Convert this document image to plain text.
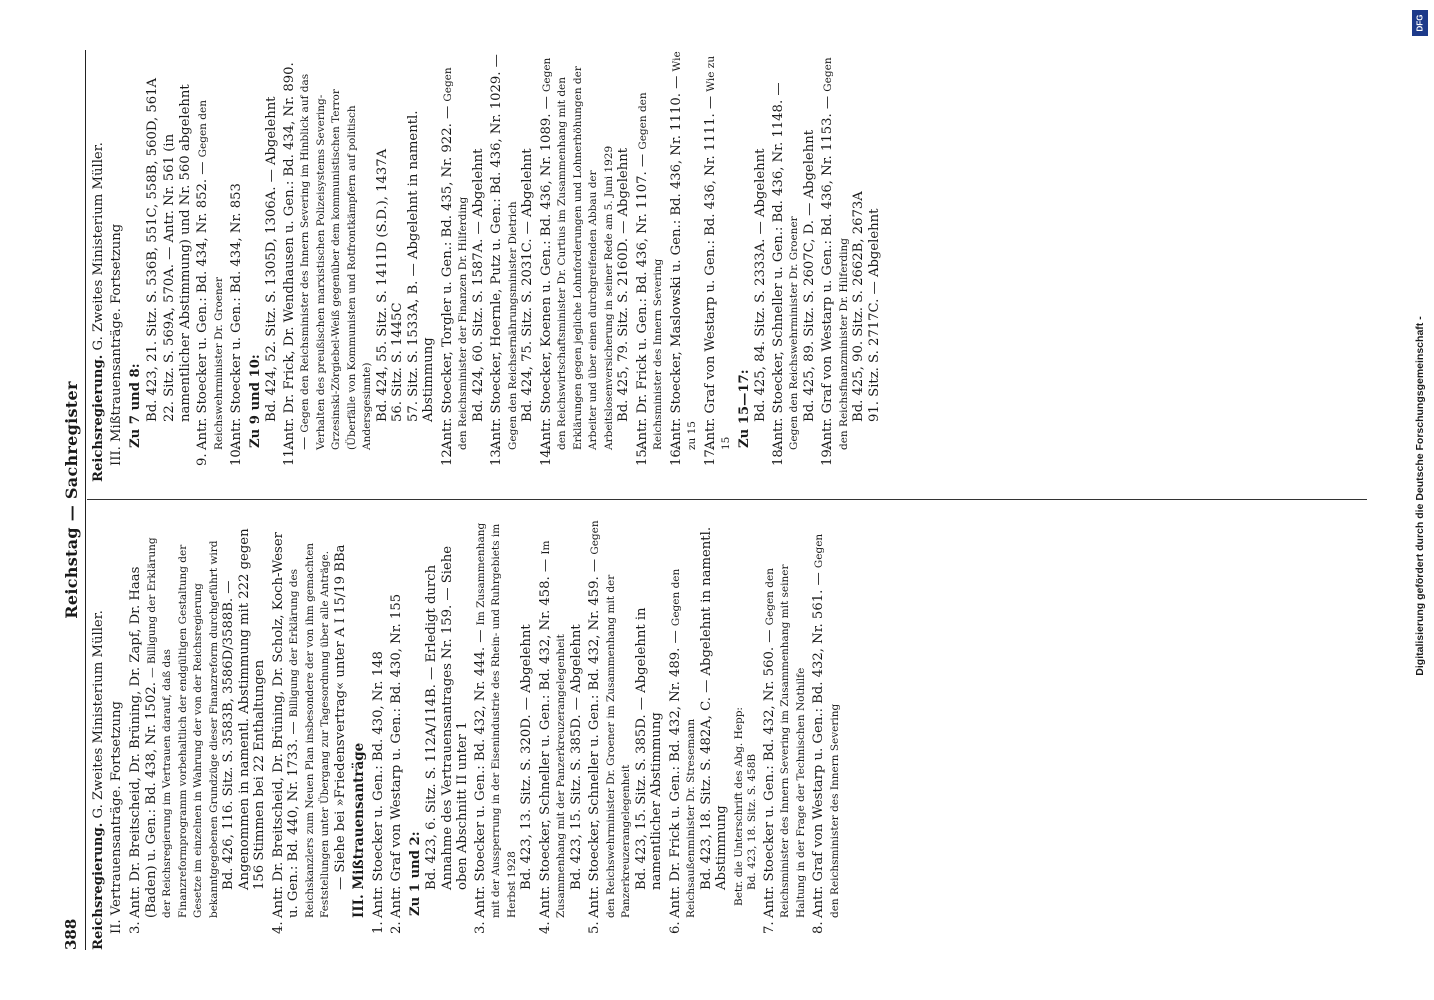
388
Reichstag — Sachregister
Reichsregierung. G. Zweites Ministerium Müller. II. Vertrauensanträge. Fortsetzung 3.
Antr. Dr. Breitscheid, Dr. Brüning, Dr. Zapf, Dr. Haas (Baden) u. Gen.: Bd. 438, Nr. 1502. — Billigung der Erklärung der Reichsregierung im Vertrauen darauf, daß das Finanzreformprogramm vorbehaltlich der endgültigen Gestaltung der Gesetze im einzelnen in Wahrung der von der Reichsregierung bekanntgegebenen Grundzüge dieser Finanzreform durchgeführt wird Bd. 426, 116. Sitz. S. 3583B, 3586D/3588B. — Angenommen in namentl. Abstimmung mit 222 gegen 156 Stimmen bei 22 Enthaltungen
4.
Antr. Dr. Breitscheid, Dr. Brüning, Dr. Scholz, Koch-Weser u. Gen.: Bd. 440, Nr. 1733. — Billigung der Erklärung des Reichskanzlers zum Neuen Plan insbesondere der von ihm gemachten Feststellungen unter Übergang zur Tagesordnung über alle Anträge. — Siehe bei »Friedensvertrag« unter A I 15/19 BBa III. Mißtrauensanträge
1.
Antr. Stoecker u. Gen.: Bd. 430, Nr. 148
2.
Antr. Graf von Westarp u. Gen.: Bd. 430, Nr. 155 Zu 1 und 2: Bd. 423, 6. Sitz. S. 112A/114B. — Erledigt durch Annahme des Vertrauensantrages Nr. 159. — Siehe oben Abschnitt II unter 1
3.
Antr. Stoecker u. Gen.: Bd. 432, Nr. 444. — Im Zusammenhang mit der Aussperrung in der Eisenindustrie des Rhein- und Ruhrgebiets im Herbst 1928 Bd. 423, 13. Sitz. S. 320D. — Abgelehnt
4.
Antr. Stoecker, Schneller u. Gen.: Bd. 432, Nr. 458. — Im Zusammenhang mit der Panzerkreuzerangelegenheit Bd. 423, 15. Sitz. S. 385D. — Abgelehnt
5.
Antr. Stoecker, Schneller u. Gen.: Bd. 432, Nr. 459. — Gegen den Reichswehrminister Dr. Groener im Zusammenhang mit der Panzerkreuzerangelegenheit Bd. 423, 15. Sitz. S. 385D. — Abgelehnt in namentlicher Abstimmung
6.
Antr. Dr. Frick u. Gen.: Bd. 432, Nr. 489. — Gegen den Reichsaußenminister Dr. Stresemann Bd. 423, 18. Sitz. S. 482A, C. — Abgelehnt in namentl. Abstimmung Betr. die Unterschrift des Abg. Hepp: Bd. 423, 18. Sitz. S. 458B
7.
Antr. Stoecker u. Gen.: Bd. 432, Nr. 560. — Gegen den Reichsminister des Innern Severing im Zusammenhang mit seiner Haltung in der Frage der Technischen Nothilfe
8.
Antr. Graf von Westarp u. Gen.: Bd. 432, Nr. 561. — Gegen den Reichsminister des Innern Severing
Reichsregierung. G. Zweites Ministerium Müller. III. Mißtrauensanträge. Fortsetzung Zu 7 und 8: Bd. 423, 21. Sitz. S. 536B, 551C, 558B, 560D, 561A 22. Sitz. S. 569A, 570A. — Antr. Nr. 561 (in namentlicher Abstimmung) und Nr. 560 abgelehnt
9.
Antr. Stoecker u. Gen.: Bd. 434, Nr. 852. — Gegen den Reichswehrminister Dr. Groener
10.
Antr. Stoecker u. Gen.: Bd. 434, Nr. 853 Zu 9 und 10: Bd. 424, 52. Sitz. S. 1305D, 1306A. — Abgelehnt
11.
Antr. Dr. Frick, Dr. Wendhausen u. Gen.: Bd. 434, Nr. 890. — Gegen den Reichsminister des Innern Severing im Hinblick auf das Verhalten des preußischen marxistischen Polizeisystems Severing-Grzesinski-Zörgiebel-Weiß gegenüber dem kommunistischen Terror (Überfälle von Kommunisten und Rotfrontkämpfern auf politisch Andersgesinnte) Bd. 424, 55. Sitz. S. 1411D (S.D.), 1437A 56. Sitz. S. 1445C 57. Sitz. S. 1533A, B. — Abgelehnt in namentl. Abstimmung
12.
Antr. Stoecker, Torgler u. Gen.: Bd. 435, Nr. 922. — Gegen den Reichsminister der Finanzen Dr. Hilferding Bd. 424, 60. Sitz. S. 1587A. — Abgelehnt
13.
Antr. Stoecker, Hoernle, Putz u. Gen.: Bd. 436, Nr. 1029. — Gegen den Reichsernährungsminister Dietrich Bd. 424, 75. Sitz. S. 2031C. — Abgelehnt
14.
Antr. Stoecker, Koenen u. Gen.: Bd. 436, Nr. 1089. — Gegen den Reichswirtschaftsminister Dr. Curtius im Zusammenhang mit den Erklärungen gegen jegliche Lohnforderungen und Lohnerhöhungen der Arbeiter und über einen durchgreifenden Abbau der Arbeitslosenversicherung in seiner Rede am 5. Juni 1929 Bd. 425, 79. Sitz. S. 2160D. — Abgelehnt
15.
Antr. Dr. Frick u. Gen.: Bd. 436, Nr. 1107. — Gegen den Reichsminister des Innern Severing
16.
Antr. Stoecker, Maslowski u. Gen.: Bd. 436, Nr. 1110. — Wie zu 15
17.
Antr. Graf von Westarp u. Gen.: Bd. 436, Nr. 1111. — Wie zu 15 Zu 15—17: Bd. 425, 84. Sitz. S. 2333A. — Abgelehnt
18.
Antr. Stoecker, Schneller u. Gen.: Bd. 436, Nr. 1148. — Gegen den Reichswehrminister Dr. Groener Bd. 425, 89. Sitz. S. 2607C, D. — Abgelehnt
19.
Antr. Graf von Westarp u. Gen.: Bd. 436, Nr. 1153. — Gegen den Reichsfinanzminister Dr. Hilferding Bd. 425, 90. Sitz. S. 2662B, 2673A 91. Sitz. S. 2717C. — Abgelehnt
Digitalisierung gefördert durch die Deutsche Forschungsgemeinschaft -
DFG
